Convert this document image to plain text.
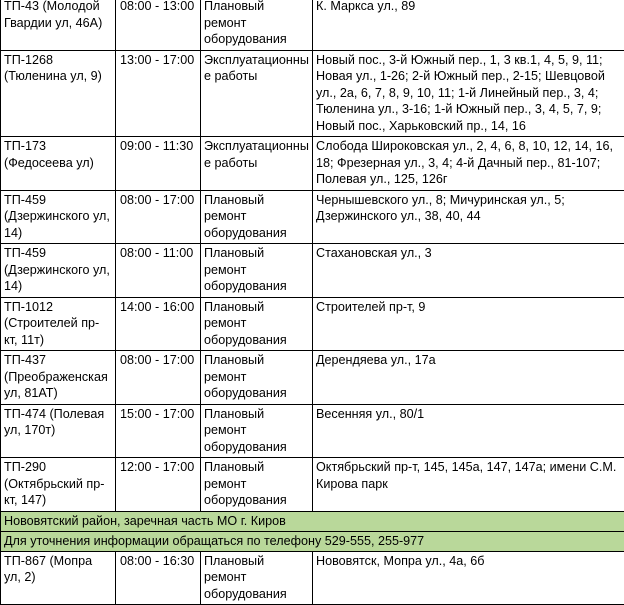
ТП-43 (Молодой Гвардии ул, 46А)	08:00 - 13:00	Плановый ремонт оборудования	К. Маркса ул., 89
ТП-1268 (Тюленина ул, 9)	13:00 - 17:00	Эксплуатационные работы	Новый пос., 3-й Южный пер., 1, 3 кв.1, 4, 5, 9, 11; Новая ул., 1-26; 2-й Южный пер., 2-15; Шевцовой ул., 2а, 6, 7, 8, 9, 10, 11; 1-й Линейный пер., 3, 4; Тюленина ул., 3-16; 1-й Южный пер., 3, 4, 5, 7, 9; Новый пос., Харьковский пр., 14, 16
ТП-173 (Федосеева ул)	09:00 - 11:30	Эксплуатационные работы	Слобода Широковская ул., 2, 4, 6, 8, 10, 12, 14, 16, 18; Фрезерная ул., 3, 4; 4-й Дачный пер., 81-107; Полевая ул., 125, 126г
ТП-459 (Дзержинского ул, 14)	08:00 - 17:00	Плановый ремонт оборудования	Чернышевского ул., 8; Мичуринская ул., 5; Дзержинского ул., 38, 40, 44
ТП-459 (Дзержинского ул, 14)	08:00 - 11:00	Плановый ремонт оборудования	Стахановская ул., 3
ТП-1012 (Строителей пр-кт, 11т)	14:00 - 16:00	Плановый ремонт оборудования	Строителей пр-т, 9
ТП-437 (Преображенская ул, 81АТ)	08:00 - 17:00	Плановый ремонт оборудования	Дерендяева ул., 17а
ТП-474 (Полевая ул, 170т)	15:00 - 17:00	Плановый ремонт оборудования	Весенняя ул., 80/1
ТП-290 (Октябрьский пр-кт, 147)	12:00 - 17:00	Плановый ремонт оборудования	Октябрьский пр-т, 145, 145а, 147, 147а; имени С.М. Кирова парк
Нововятский район, заречная часть МО г. Киров			
Для уточнения информации обращаться по телефону 529-555, 255-977			
ТП-867 (Мопра ул, 2)	08:00 - 16:30	Плановый ремонт оборудования	Нововятск, Мопра ул., 4а, 6б
